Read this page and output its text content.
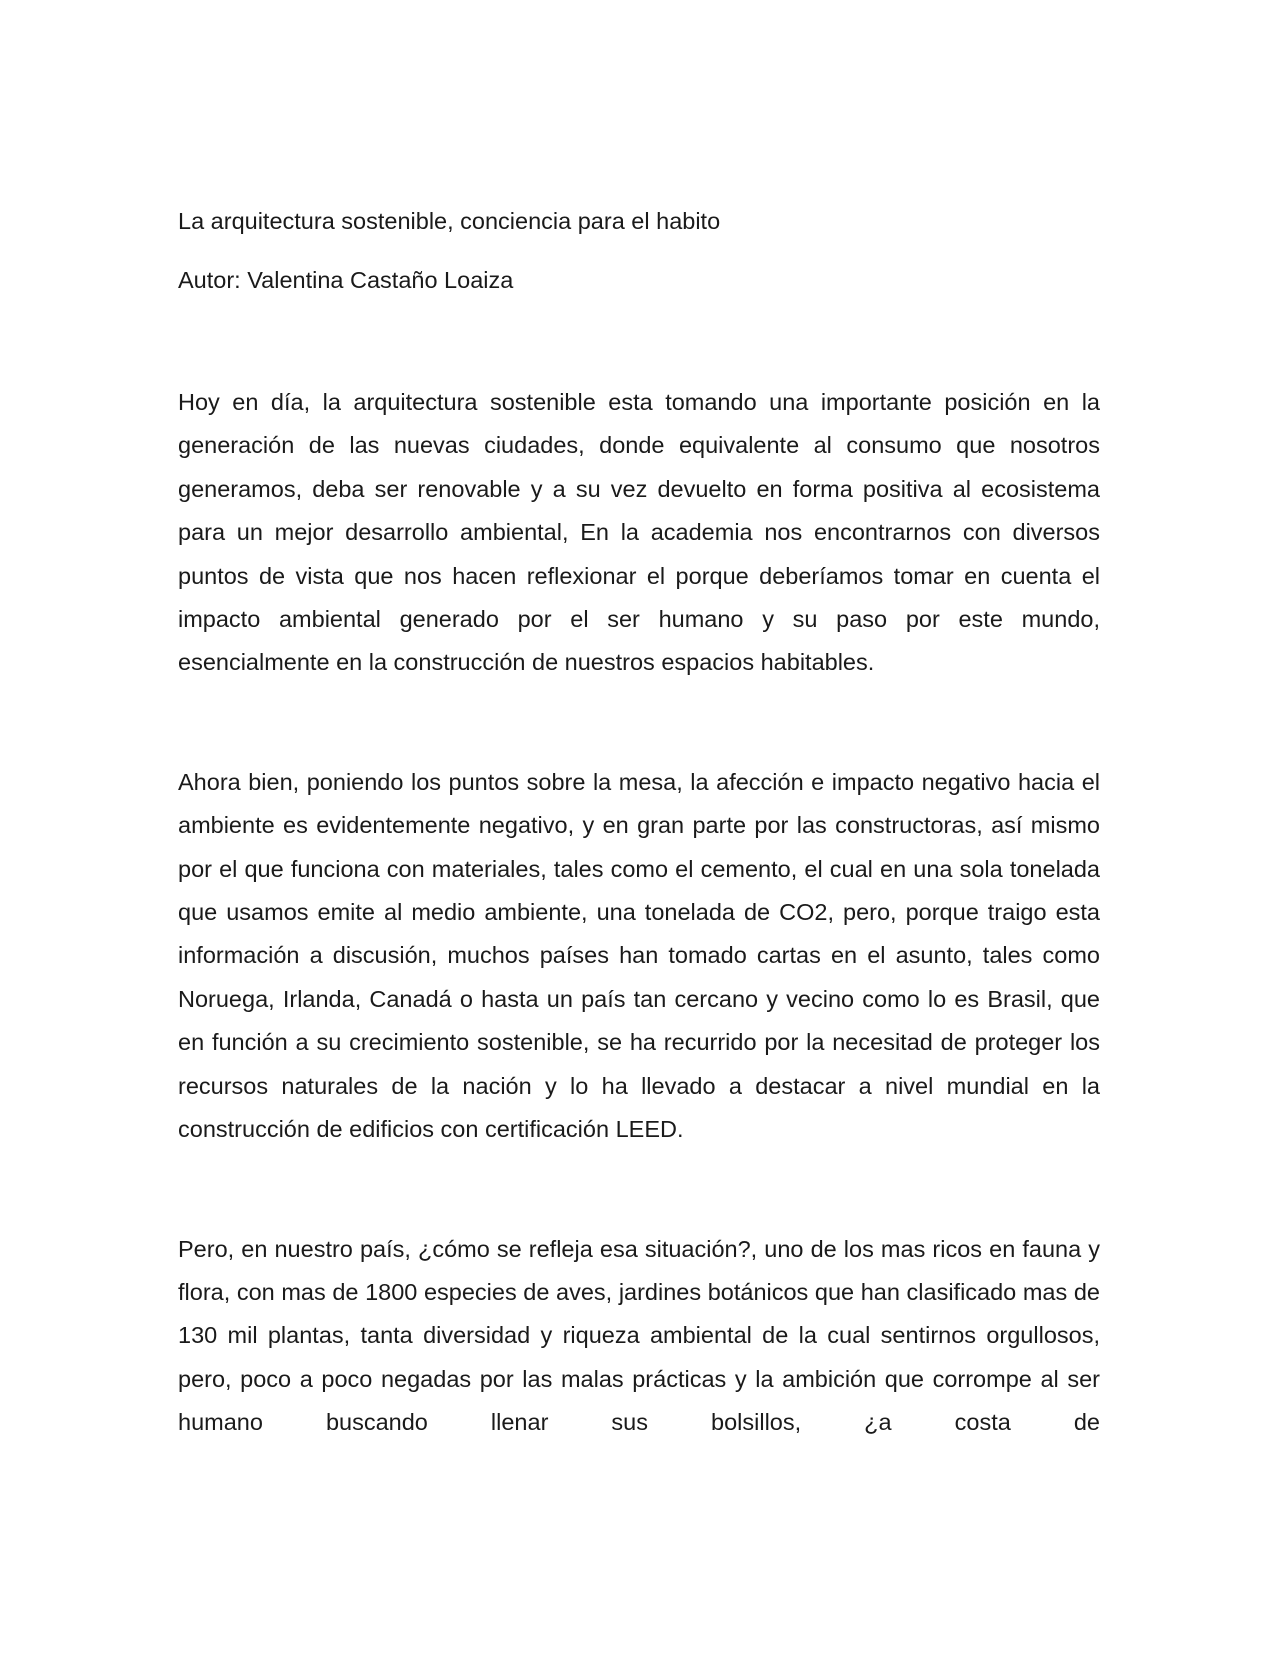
La arquitectura sostenible, conciencia para el habito

Autor: Valentina Castaño Loaiza

Hoy en día, la arquitectura sostenible esta tomando una importante posición en la generación de las nuevas ciudades, donde equivalente al consumo que nosotros generamos, deba ser renovable y a su vez devuelto en forma positiva al ecosistema para un mejor desarrollo ambiental, En la academia nos encontrarnos con diversos puntos de vista que nos hacen reflexionar el porque deberíamos tomar en cuenta el impacto ambiental generado por el ser humano y su paso por este mundo, esencialmente en la construcción de nuestros espacios habitables.

Ahora bien, poniendo los puntos sobre la mesa, la afección e impacto negativo hacia el ambiente es evidentemente negativo, y en gran parte por las constructoras, así mismo por el que funciona con materiales, tales como el cemento, el cual en una sola tonelada que usamos emite al medio ambiente, una tonelada de CO2, pero, porque traigo esta información a discusión, muchos países han tomado cartas en el asunto, tales como Noruega, Irlanda, Canadá o hasta un país tan cercano y vecino como lo es Brasil, que en función a su crecimiento sostenible, se ha recurrido por la necesitad de proteger los recursos naturales de la nación y lo ha llevado a destacar a nivel mundial en la construcción de edificios con certificación LEED.

Pero, en nuestro país, ¿cómo se refleja esa situación?, uno de los mas ricos en fauna y flora, con mas de 1800 especies de aves, jardines botánicos que han clasificado mas de 130 mil plantas, tanta diversidad y riqueza ambiental de la cual sentirnos orgullosos, pero, poco a poco negadas por las malas prácticas y la ambición que corrompe al ser humano buscando llenar sus bolsillos, ¿a costa de
